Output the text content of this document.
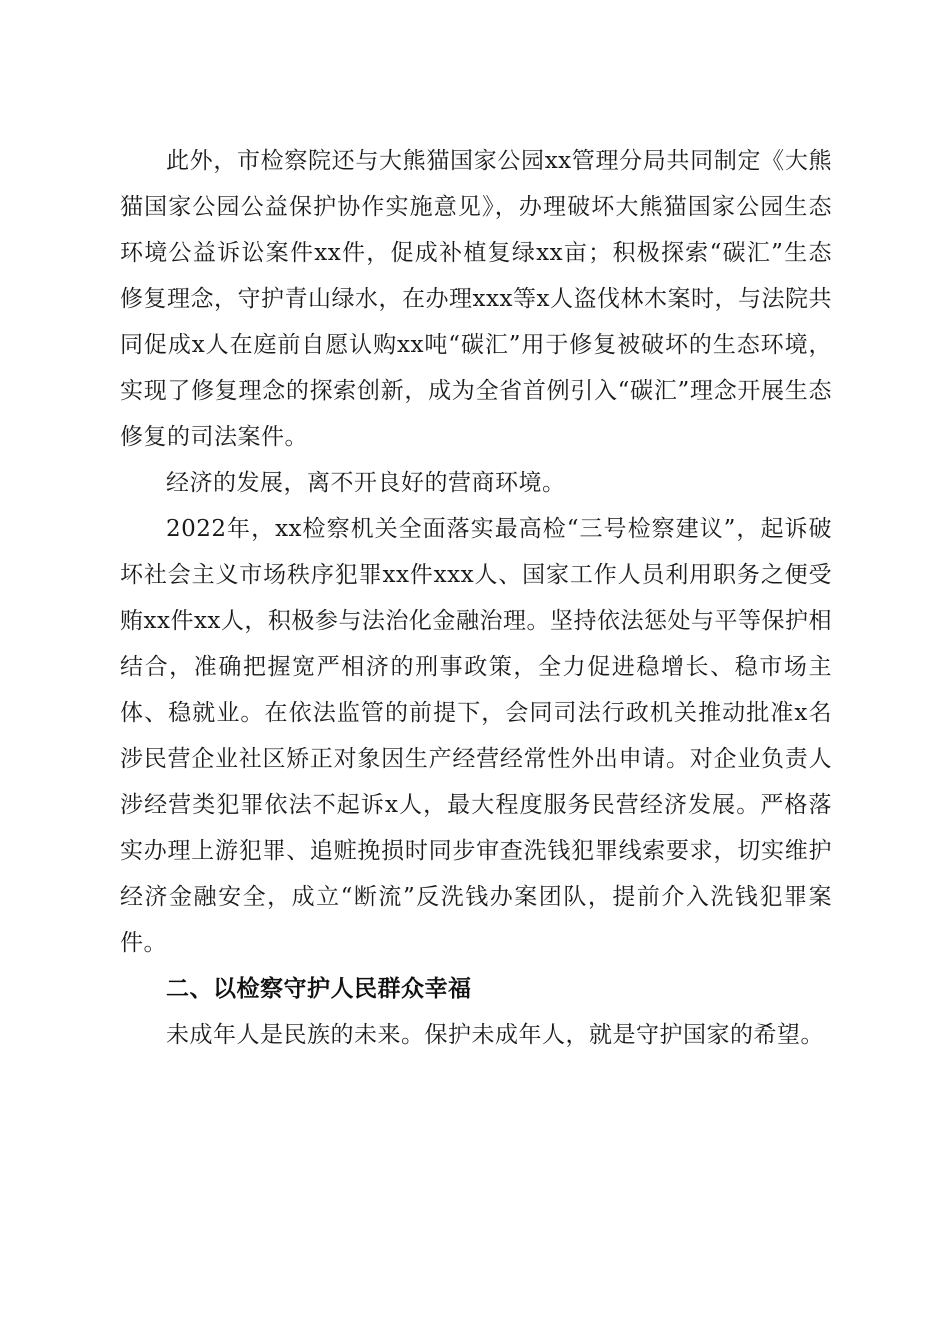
此外，市检察院还与大熊猫国家公园xx管理分局共同制定《大熊猫国家公园公益保护协作实施意见》，办理破坏大熊猫国家公园生态环境公益诉讼案件xx件，促成补植复绿xx亩；积极探索“碳汇”生态修复理念，守护青山绿水，在办理xxx等x人盗伐林木案时，与法院共同促成x人在庭前自愿认购xx吨“碳汇”用于修复被破坏的生态环境，实现了修复理念的探索创新，成为全省首例引入“碳汇”理念开展生态修复的司法案件。

经济的发展，离不开良好的营商环境。

2022年，xx检察机关全面落实最高检“三号检察建议”，起诉破坏社会主义市场秩序犯罪xx件xxx人、国家工作人员利用职务之便受贿xx件xx人，积极参与法治化金融治理。坚持依法惩处与平等保护相结合，准确把握宽严相济的刑事政策，全力促进稳增长、稳市场主体、稳就业。在依法监管的前提下，会同司法行政机关推动批准x名涉民营企业社区矫正对象因生产经营经常性外出申请。对企业负责人涉经营类犯罪依法不起诉x人，最大程度服务民营经济发展。严格落实办理上游犯罪、追赃挽损时同步审查洗钱犯罪线索要求，切实维护经济金融安全，成立“断流”反洗钱办案团队，提前介入洗钱犯罪案件。

二、以检察守护人民群众幸福

未成年人是民族的未来。保护未成年人，就是守护国家的希望。
